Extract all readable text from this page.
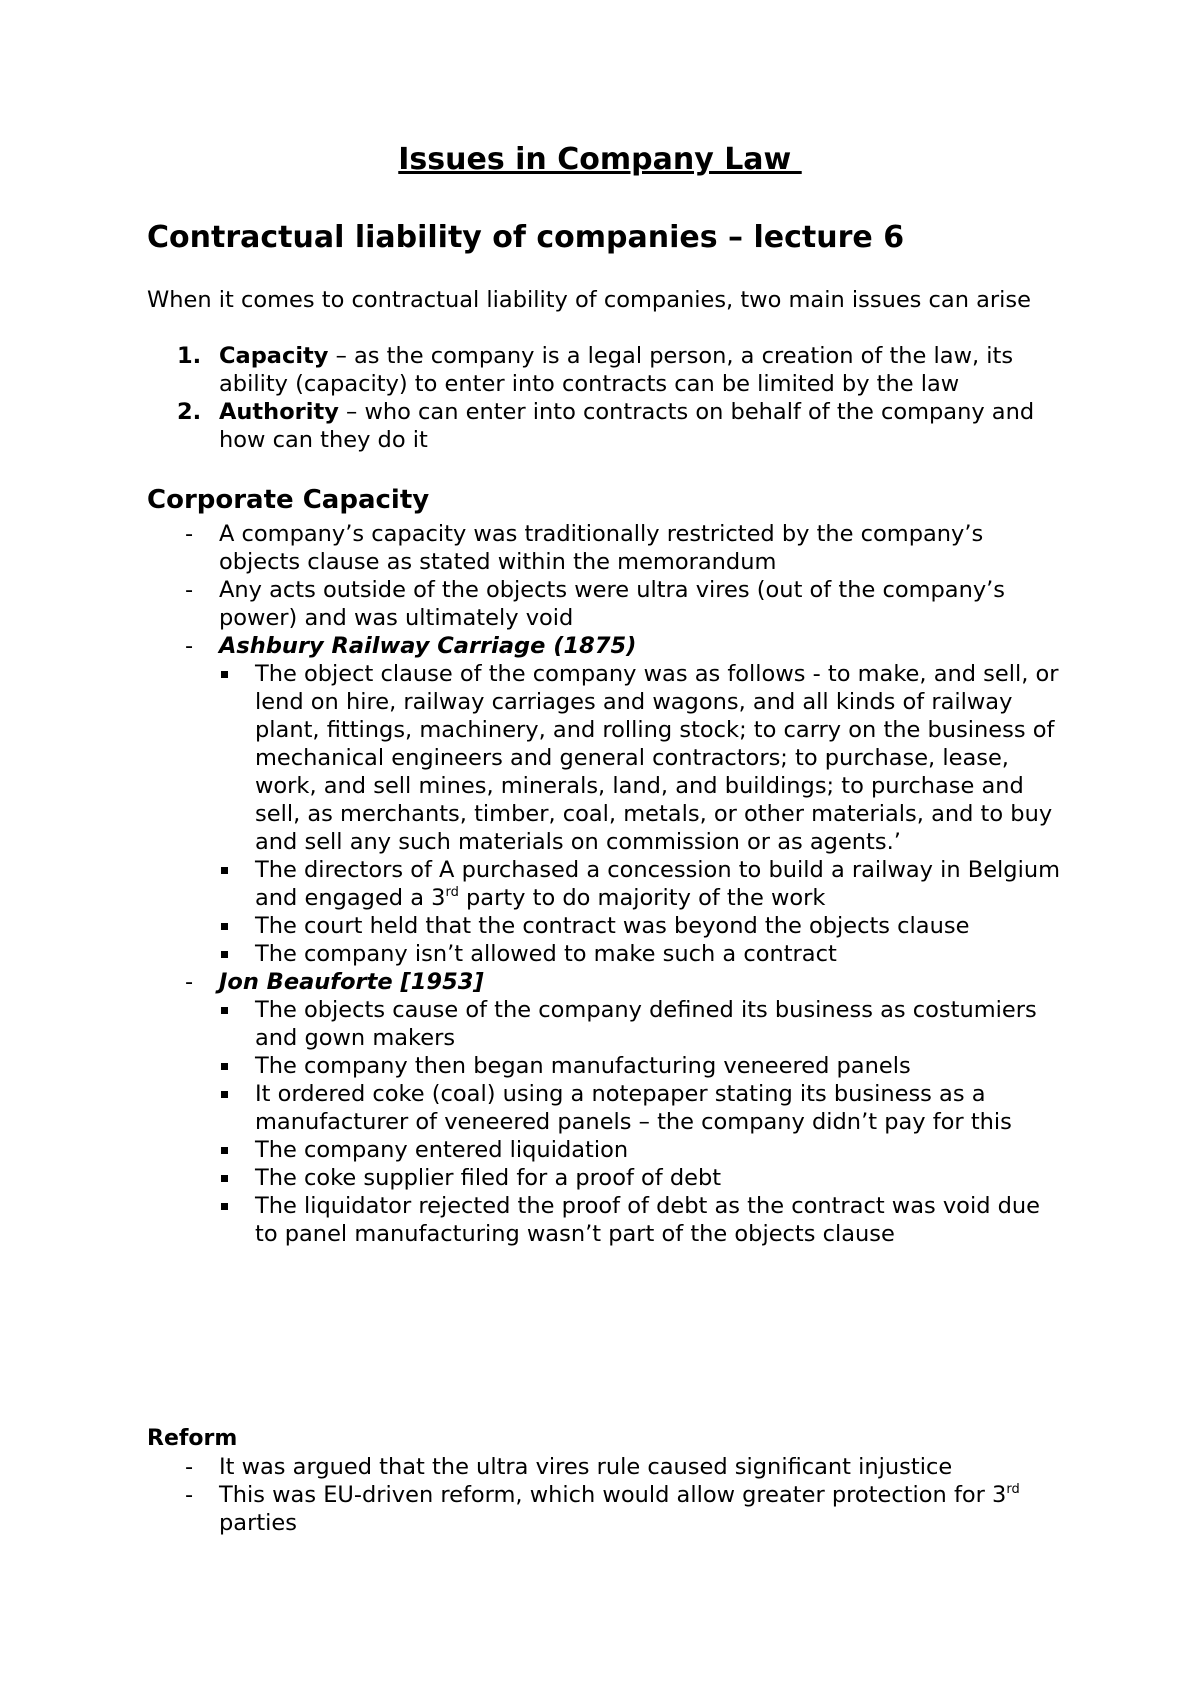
Issues in Company Law
Contractual liability of companies – lecture 6
When it comes to contractual liability of companies, two main issues can arise
1. Capacity – as the company is a legal person, a creation of the law, its ability (capacity) to enter into contracts can be limited by the law
2. Authority – who can enter into contracts on behalf of the company and how can they do it
Corporate Capacity
- A company’s capacity was traditionally restricted by the company’s objects clause as stated within the memorandum
- Any acts outside of the objects were ultra vires (out of the company’s power) and was ultimately void
- Ashbury Railway Carriage (1875)
The object clause of the company was as follows - to make, and sell, or lend on hire, railway carriages and wagons, and all kinds of railway plant, fittings, machinery, and rolling stock; to carry on the business of mechanical engineers and general contractors; to purchase, lease, work, and sell mines, minerals, land, and buildings; to purchase and sell, as merchants, timber, coal, metals, or other materials, and to buy and sell any such materials on commission or as agents.’
The directors of A purchased a concession to build a railway in Belgium and engaged a 3rd party to do majority of the work
The court held that the contract was beyond the objects clause
The company isn’t allowed to make such a contract
- Jon Beauforte [1953]
The objects cause of the company defined its business as costumiers and gown makers
The company then began manufacturing veneered panels
It ordered coke (coal) using a notepaper stating its business as a manufacturer of veneered panels – the company didn’t pay for this
The company entered liquidation
The coke supplier filed for a proof of debt
The liquidator rejected the proof of debt as the contract was void due to panel manufacturing wasn’t part of the objects clause
Reform
- It was argued that the ultra vires rule caused significant injustice
- This was EU-driven reform, which would allow greater protection for 3rd parties
